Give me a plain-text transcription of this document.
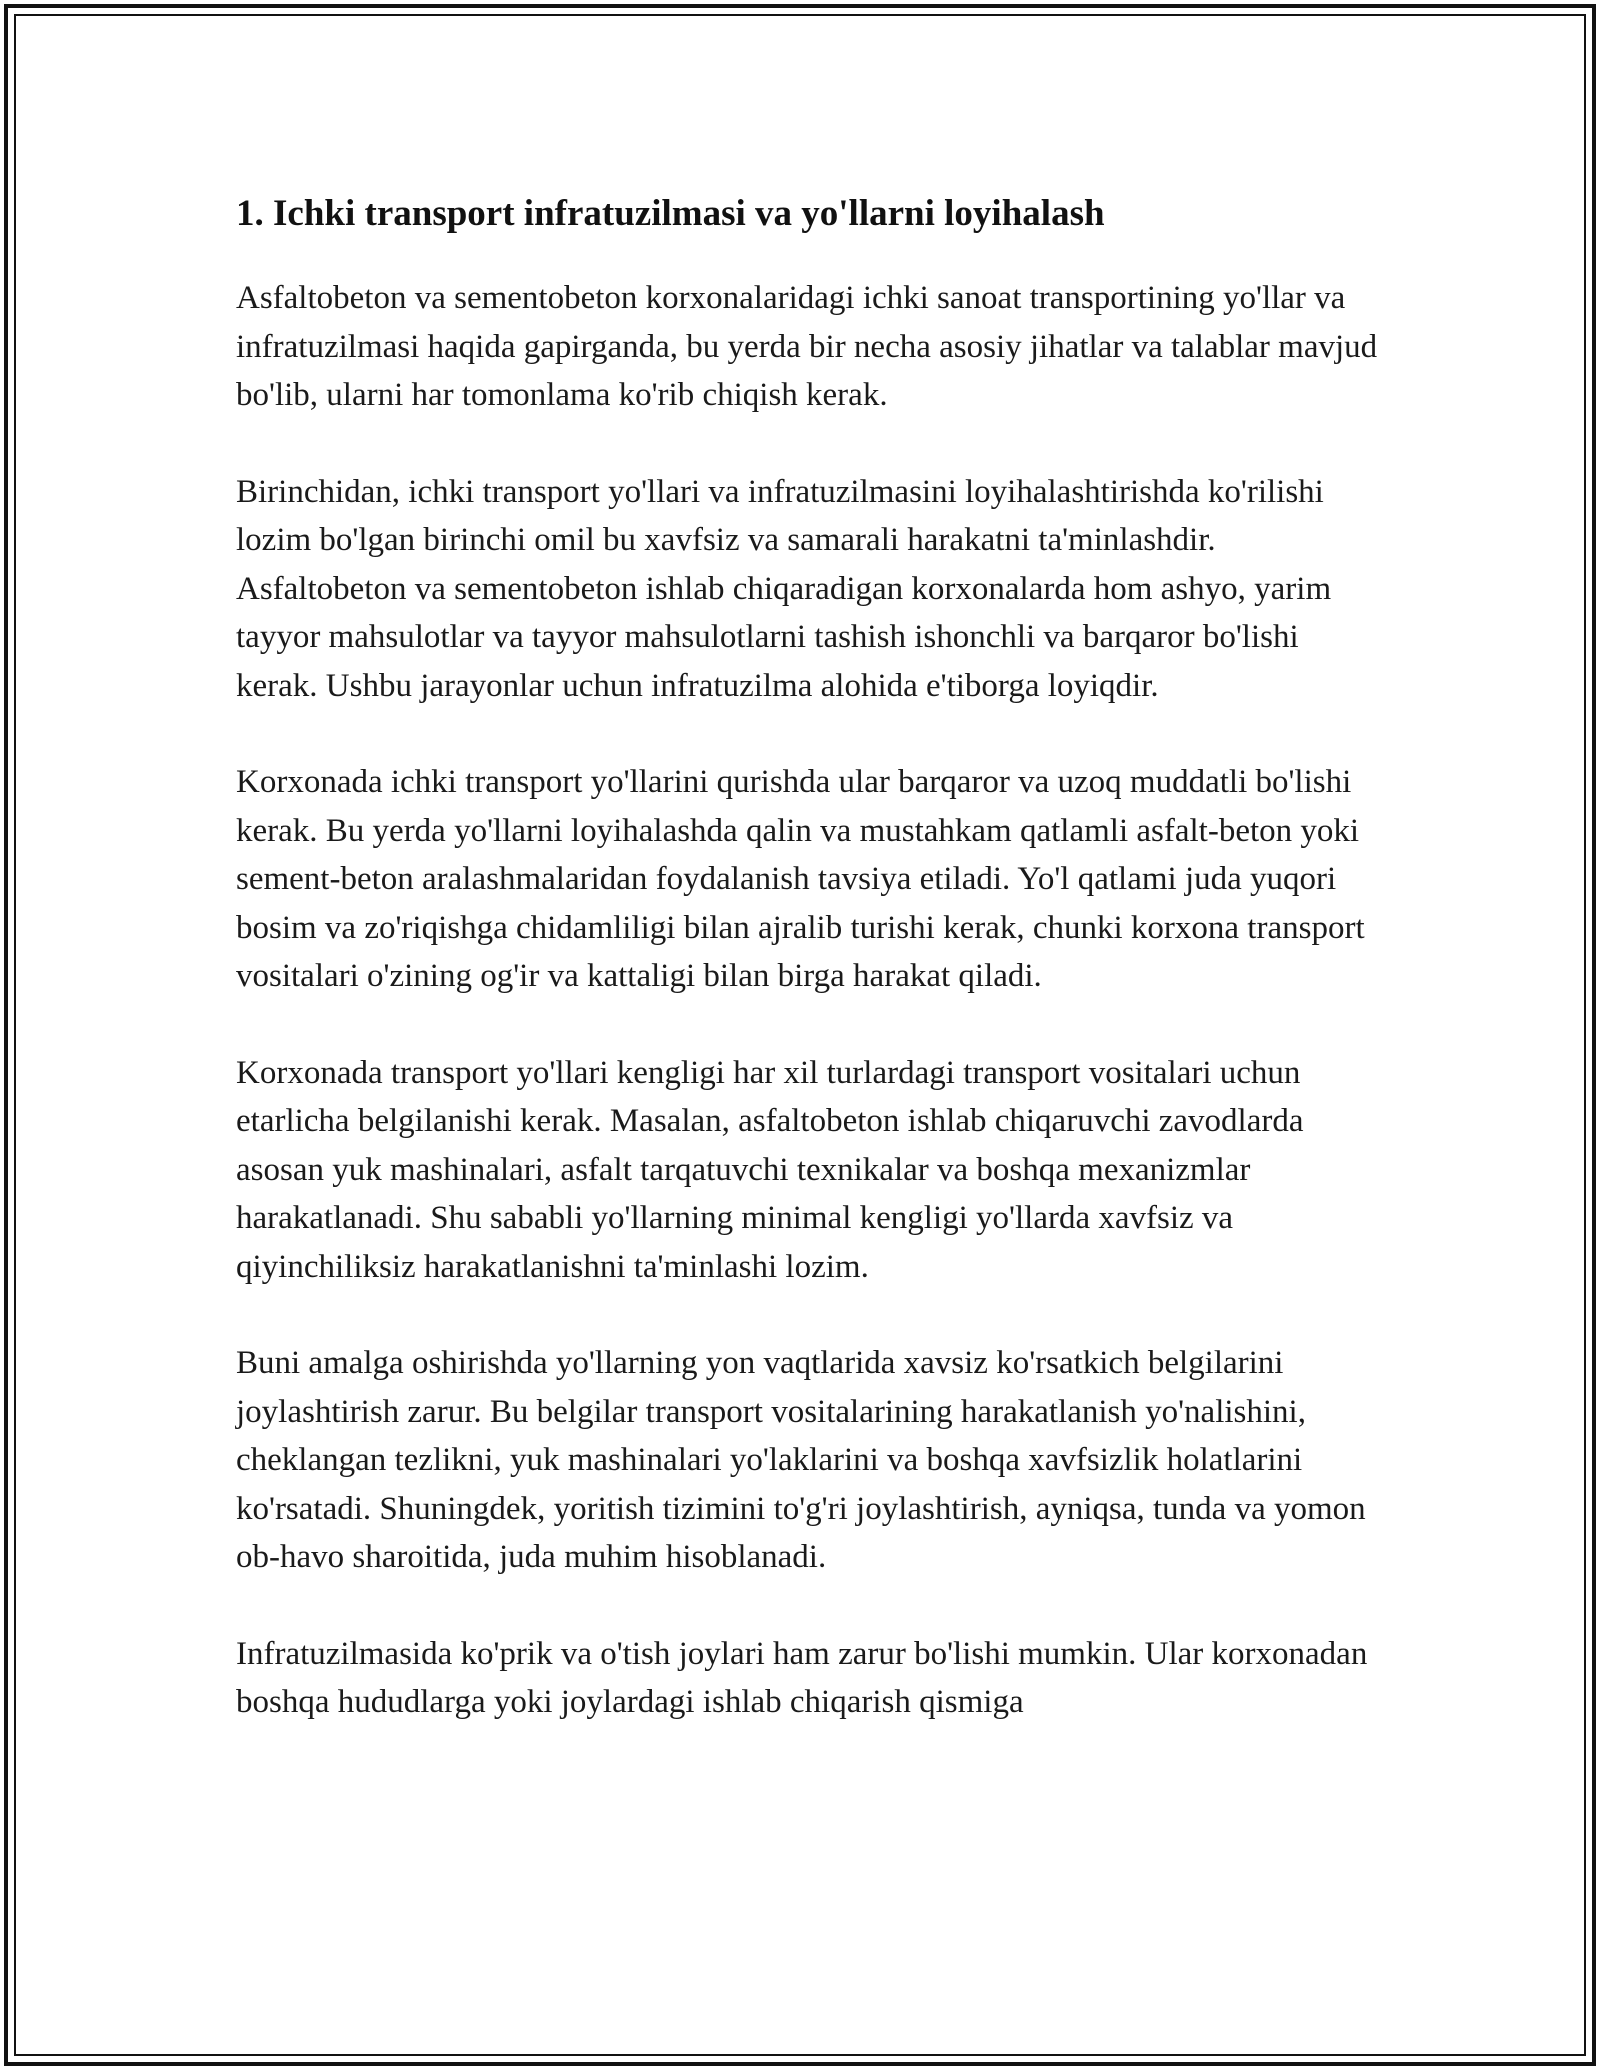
1. Ichki transport infratuzilmasi va yo'llarni loyihalash

Asfaltobeton va sementobeton korxonalaridagi ichki sanoat transportining yo'llar va infratuzilmasi haqida gapirganda, bu yerda bir necha asosiy jihatlar va talablar mavjud bo'lib, ularni har tomonlama ko'rib chiqish kerak.

Birinchidan, ichki transport yo'llari va infratuzilmasini loyihalashtirishda ko'rilishi lozim bo'lgan birinchi omil bu xavfsiz va samarali harakatni ta'minlashdir. Asfaltobeton va sementobeton ishlab chiqaradigan korxonalarda hom ashyo, yarim tayyor mahsulotlar va tayyor mahsulotlarni tashish ishonchli va barqaror bo'lishi kerak. Ushbu jarayonlar uchun infratuzilma alohida e'tiborga loyiqdir.

Korxonada ichki transport yo'llarini qurishda ular barqaror va uzoq muddatli bo'lishi kerak. Bu yerda yo'llarni loyihalashda qalin va mustahkam qatlamli asfalt-beton yoki sement-beton aralashmalaridan foydalanish tavsiya etiladi. Yo'l qatlami juda yuqori bosim va zo'riqishga chidamliligi bilan ajralib turishi kerak, chunki korxona transport vositalari o'zining og'ir va kattaligi bilan birga harakat qiladi.

Korxonada transport yo'llari kengligi har xil turlardagi transport vositalari uchun etarlicha belgilanishi kerak. Masalan, asfaltobeton ishlab chiqaruvchi zavodlarda asosan yuk mashinalari, asfalt tarqatuvchi texnikalar va boshqa mexanizmlar harakatlanadi. Shu sababli yo'llarning minimal kengligi yo'llarda xavfsiz va qiyinchiliksiz harakatlanishni ta'minlashi lozim.

Buni amalga oshirishda yo'llarning yon vaqtlarida xavsiz ko'rsatkich belgilarini joylashtirish zarur. Bu belgilar transport vositalarining harakatlanish yo'nalishini, cheklangan tezlikni, yuk mashinalari yo'laklarini va boshqa xavfsizlik holatlarini ko'rsatadi. Shuningdek, yoritish tizimini to'g'ri joylashtirish, ayniqsa, tunda va yomon ob-havo sharoitida, juda muhim hisoblanadi.

Infratuzilmasida ko'prik va o'tish joylari ham zarur bo'lishi mumkin. Ular korxonadan boshqa hududlarga yoki joylardagi ishlab chiqarish qismiga
